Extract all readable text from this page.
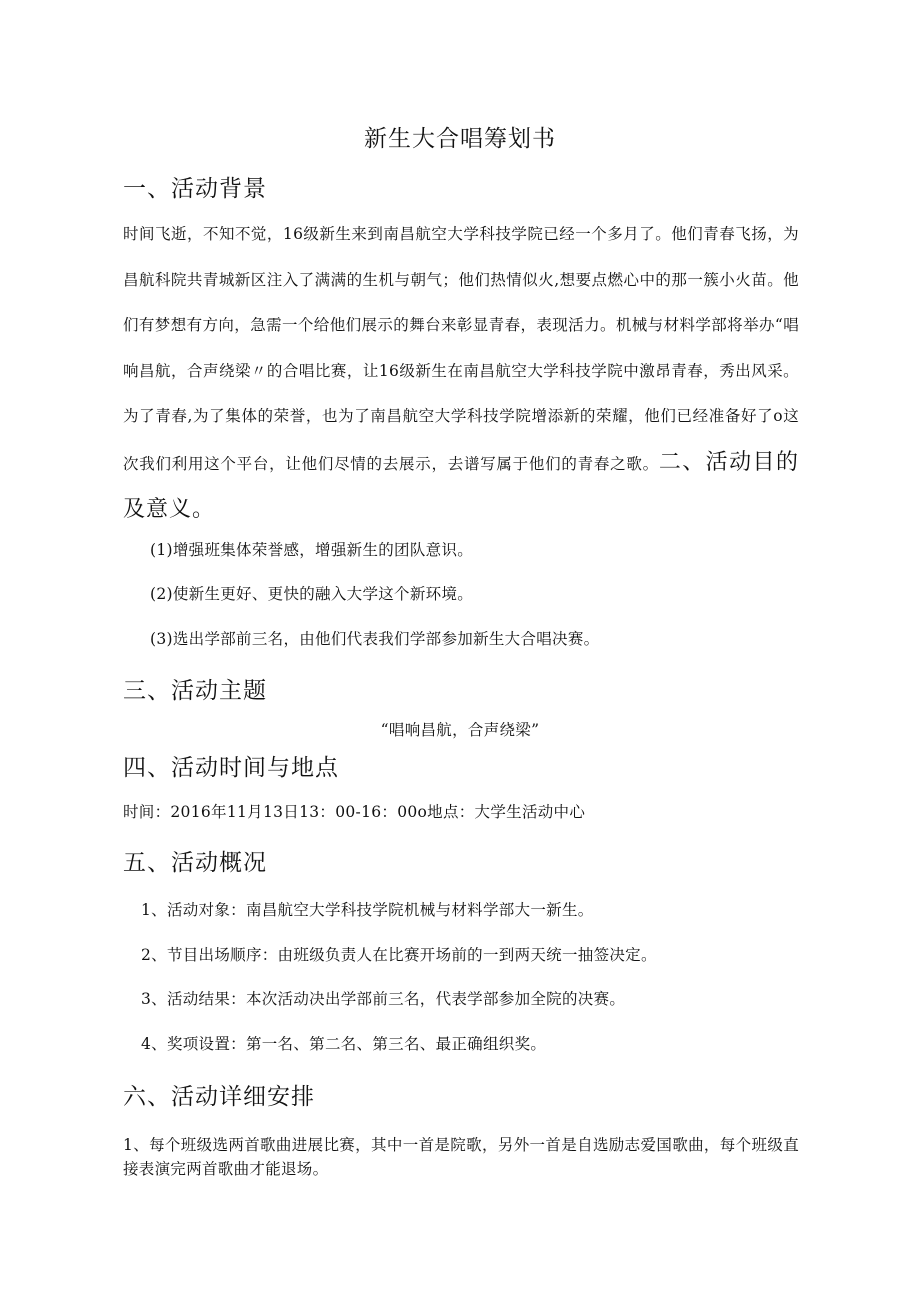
新生大合唱筹划书
一、活动背景
时间飞逝，不知不觉，16级新生来到南昌航空大学科技学院已经一个多月了。他们青春飞扬，为昌航科院共青城新区注入了满满的生机与朝气；他们热情似火,想要点燃心中的那一簇小火苗。他们有梦想有方向，急需一个给他们展示的舞台来彰显青春，表现活力。机械与材料学部将举办“唱响昌航，合声绕梁〃的合唱比赛，让16级新生在南昌航空大学科技学院中激昂青春，秀出风采。为了青春,为了集体的荣誉，也为了南昌航空大学科技学院增添新的荣耀，他们已经准备好了o这次我们利用这个平台，让他们尽情的去展示，去谱写属于他们的青春之歌。二、活动目的及意义。
(1)增强班集体荣誉感，增强新生的团队意识。
(2)使新生更好、更快的融入大学这个新环境。
(3)选出学部前三名，由他们代表我们学部参加新生大合唱决赛。
三、活动主题
“唱响昌航，合声绕梁”
四、活动时间与地点
时间：2016年11月13日13：00-16：00o地点：大学生活动中心
五、活动概况
1、活动对象：南昌航空大学科技学院机械与材料学部大一新生。
2、节目出场顺序：由班级负责人在比赛开场前的一到两天统一抽签决定。
3、活动结果：本次活动决出学部前三名，代表学部参加全院的决赛。
4、奖项设置：第一名、第二名、第三名、最正确组织奖。
六、活动详细安排
1、每个班级选两首歌曲进展比赛，其中一首是院歌，另外一首是自选励志爱国歌曲，每个班级直接表演完两首歌曲才能退场。
